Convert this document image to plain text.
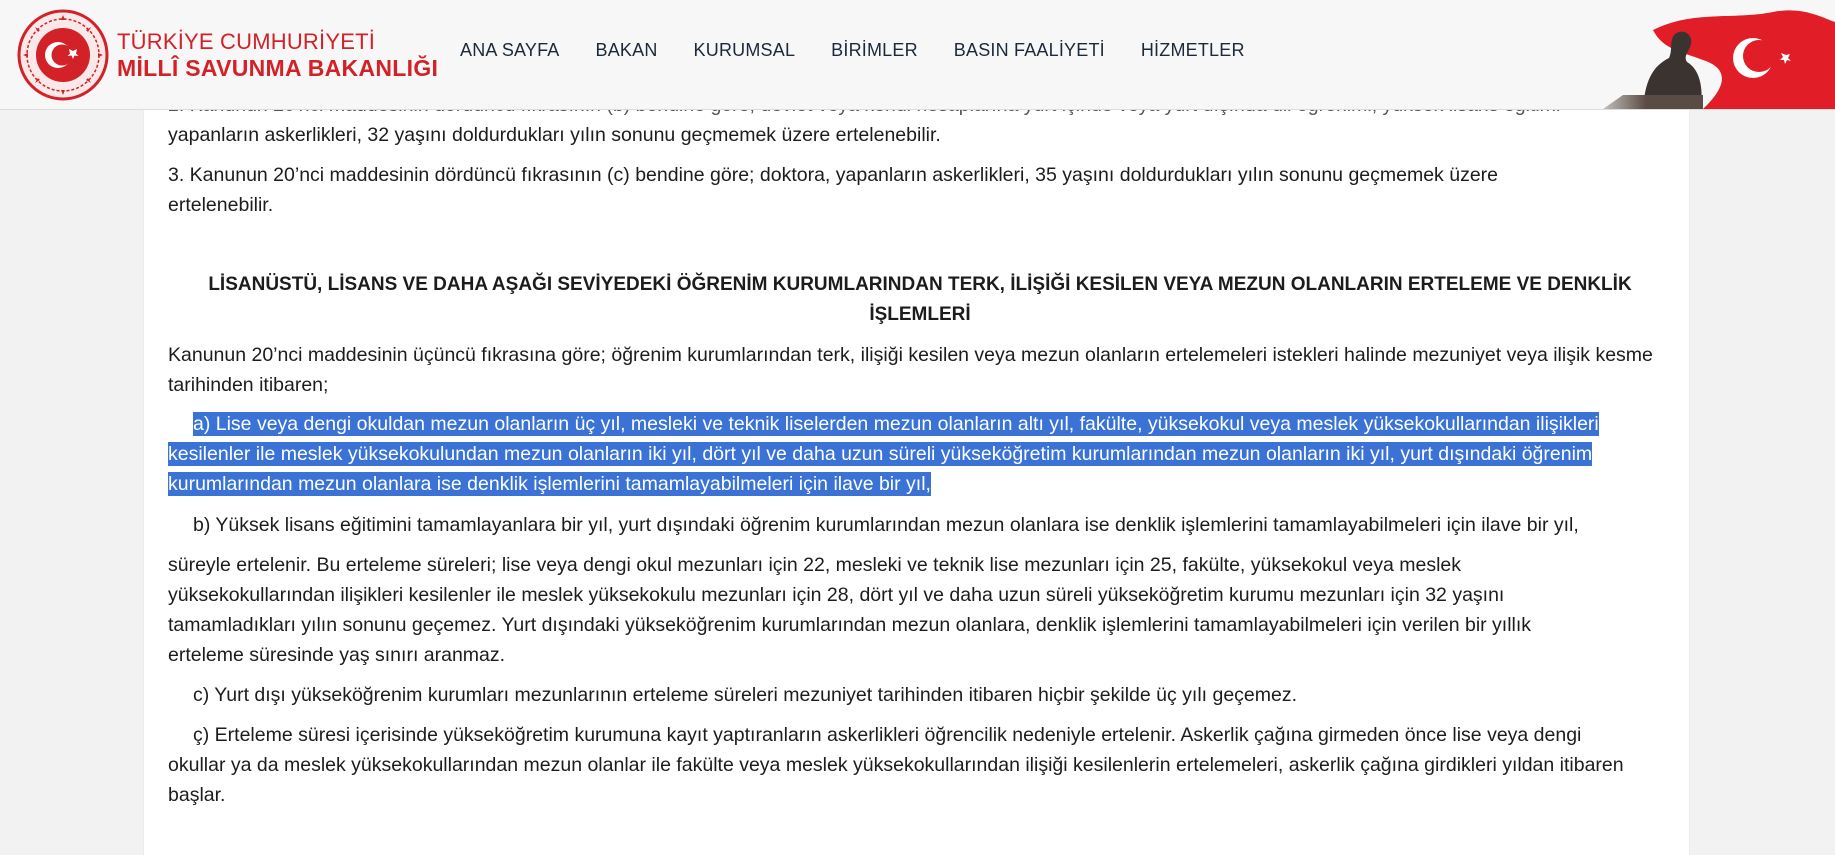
yapanların askerlikleri, 32 yaşını doldurdukları yılın sonunu geçmemek üzere ertelenebilir.

3. Kanunun 20’nci maddesinin dördüncü fıkrasının (c) bendine göre; doktora, yapanların askerlikleri, 35 yaşını doldurdukları yılın sonunu geçmemek üzere ertelenebilir.

LİSANÜSTÜ, LİSANS VE DAHA AŞAĞI SEVİYEDEKİ ÖĞRENİM KURUMLARINDAN TERK, İLİŞİĞİ KESİLEN VEYA MEZUN OLANLARIN ERTELEME VE DENKLİK İŞLEMLERİ

Kanunun 20’nci maddesinin üçüncü fıkrasına göre; öğrenim kurumlarından terk, ilişiği kesilen veya mezun olanların ertelemeleri istekleri halinde mezuniyet veya ilişik kesme tarihinden itibaren;

a) Lise veya dengi okuldan mezun olanların üç yıl, mesleki ve teknik liselerden mezun olanların altı yıl, fakülte, yüksekokul veya meslek yüksekokullarından ilişikleri kesilenler ile meslek yüksekokulundan mezun olanların iki yıl, dört yıl ve daha uzun süreli yükseköğretim kurumlarından mezun olanların iki yıl, yurt dışındaki öğrenim kurumlarından mezun olanlara ise denklik işlemlerini tamamlayabilmeleri için ilave bir yıl,

b) Yüksek lisans eğitimini tamamlayanlara bir yıl, yurt dışındaki öğrenim kurumlarından mezun olanlara ise denklik işlemlerini tamamlayabilmeleri için ilave bir yıl,

süreyle ertelenir. Bu erteleme süreleri; lise veya dengi okul mezunları için 22, mesleki ve teknik lise mezunları için 25, fakülte, yüksekokul veya meslek yüksekokullarından ilişikleri kesilenler ile meslek yüksekokulu mezunları için 28, dört yıl ve daha uzun süreli yükseköğretim kurumu mezunları için 32 yaşını tamamladıkları yılın sonunu geçemez. Yurt dışındaki yükseköğrenim kurumlarından mezun olanlara, denklik işlemlerini tamamlayabilmeleri için verilen bir yıllık erteleme süresinde yaş sınırı aranmaz.

c) Yurt dışı yükseköğrenim kurumları mezunlarının erteleme süreleri mezuniyet tarihinden itibaren hiçbir şekilde üç yılı geçemez.

ç) Erteleme süresi içerisinde yükseköğretim kurumuna kayıt yaptıranların askerlikleri öğrencilik nedeniyle ertelenir. Askerlik çağına girmeden önce lise veya dengi okullar ya da meslek yüksekokullarından mezun olanlar ile fakülte veya meslek yüksekokullarından ilişiği kesilenlerin ertelemeleri, askerlik çağına girdikleri yıldan itibaren başlar.

TÜRKİYE CUMHURİYETİ
MİLLÎ SAVUNMA BAKANLIĞI
ANA SAYFA BAKAN KURUMSAL BİRİMLER BASIN FAALİYETİ HİZMETLER
